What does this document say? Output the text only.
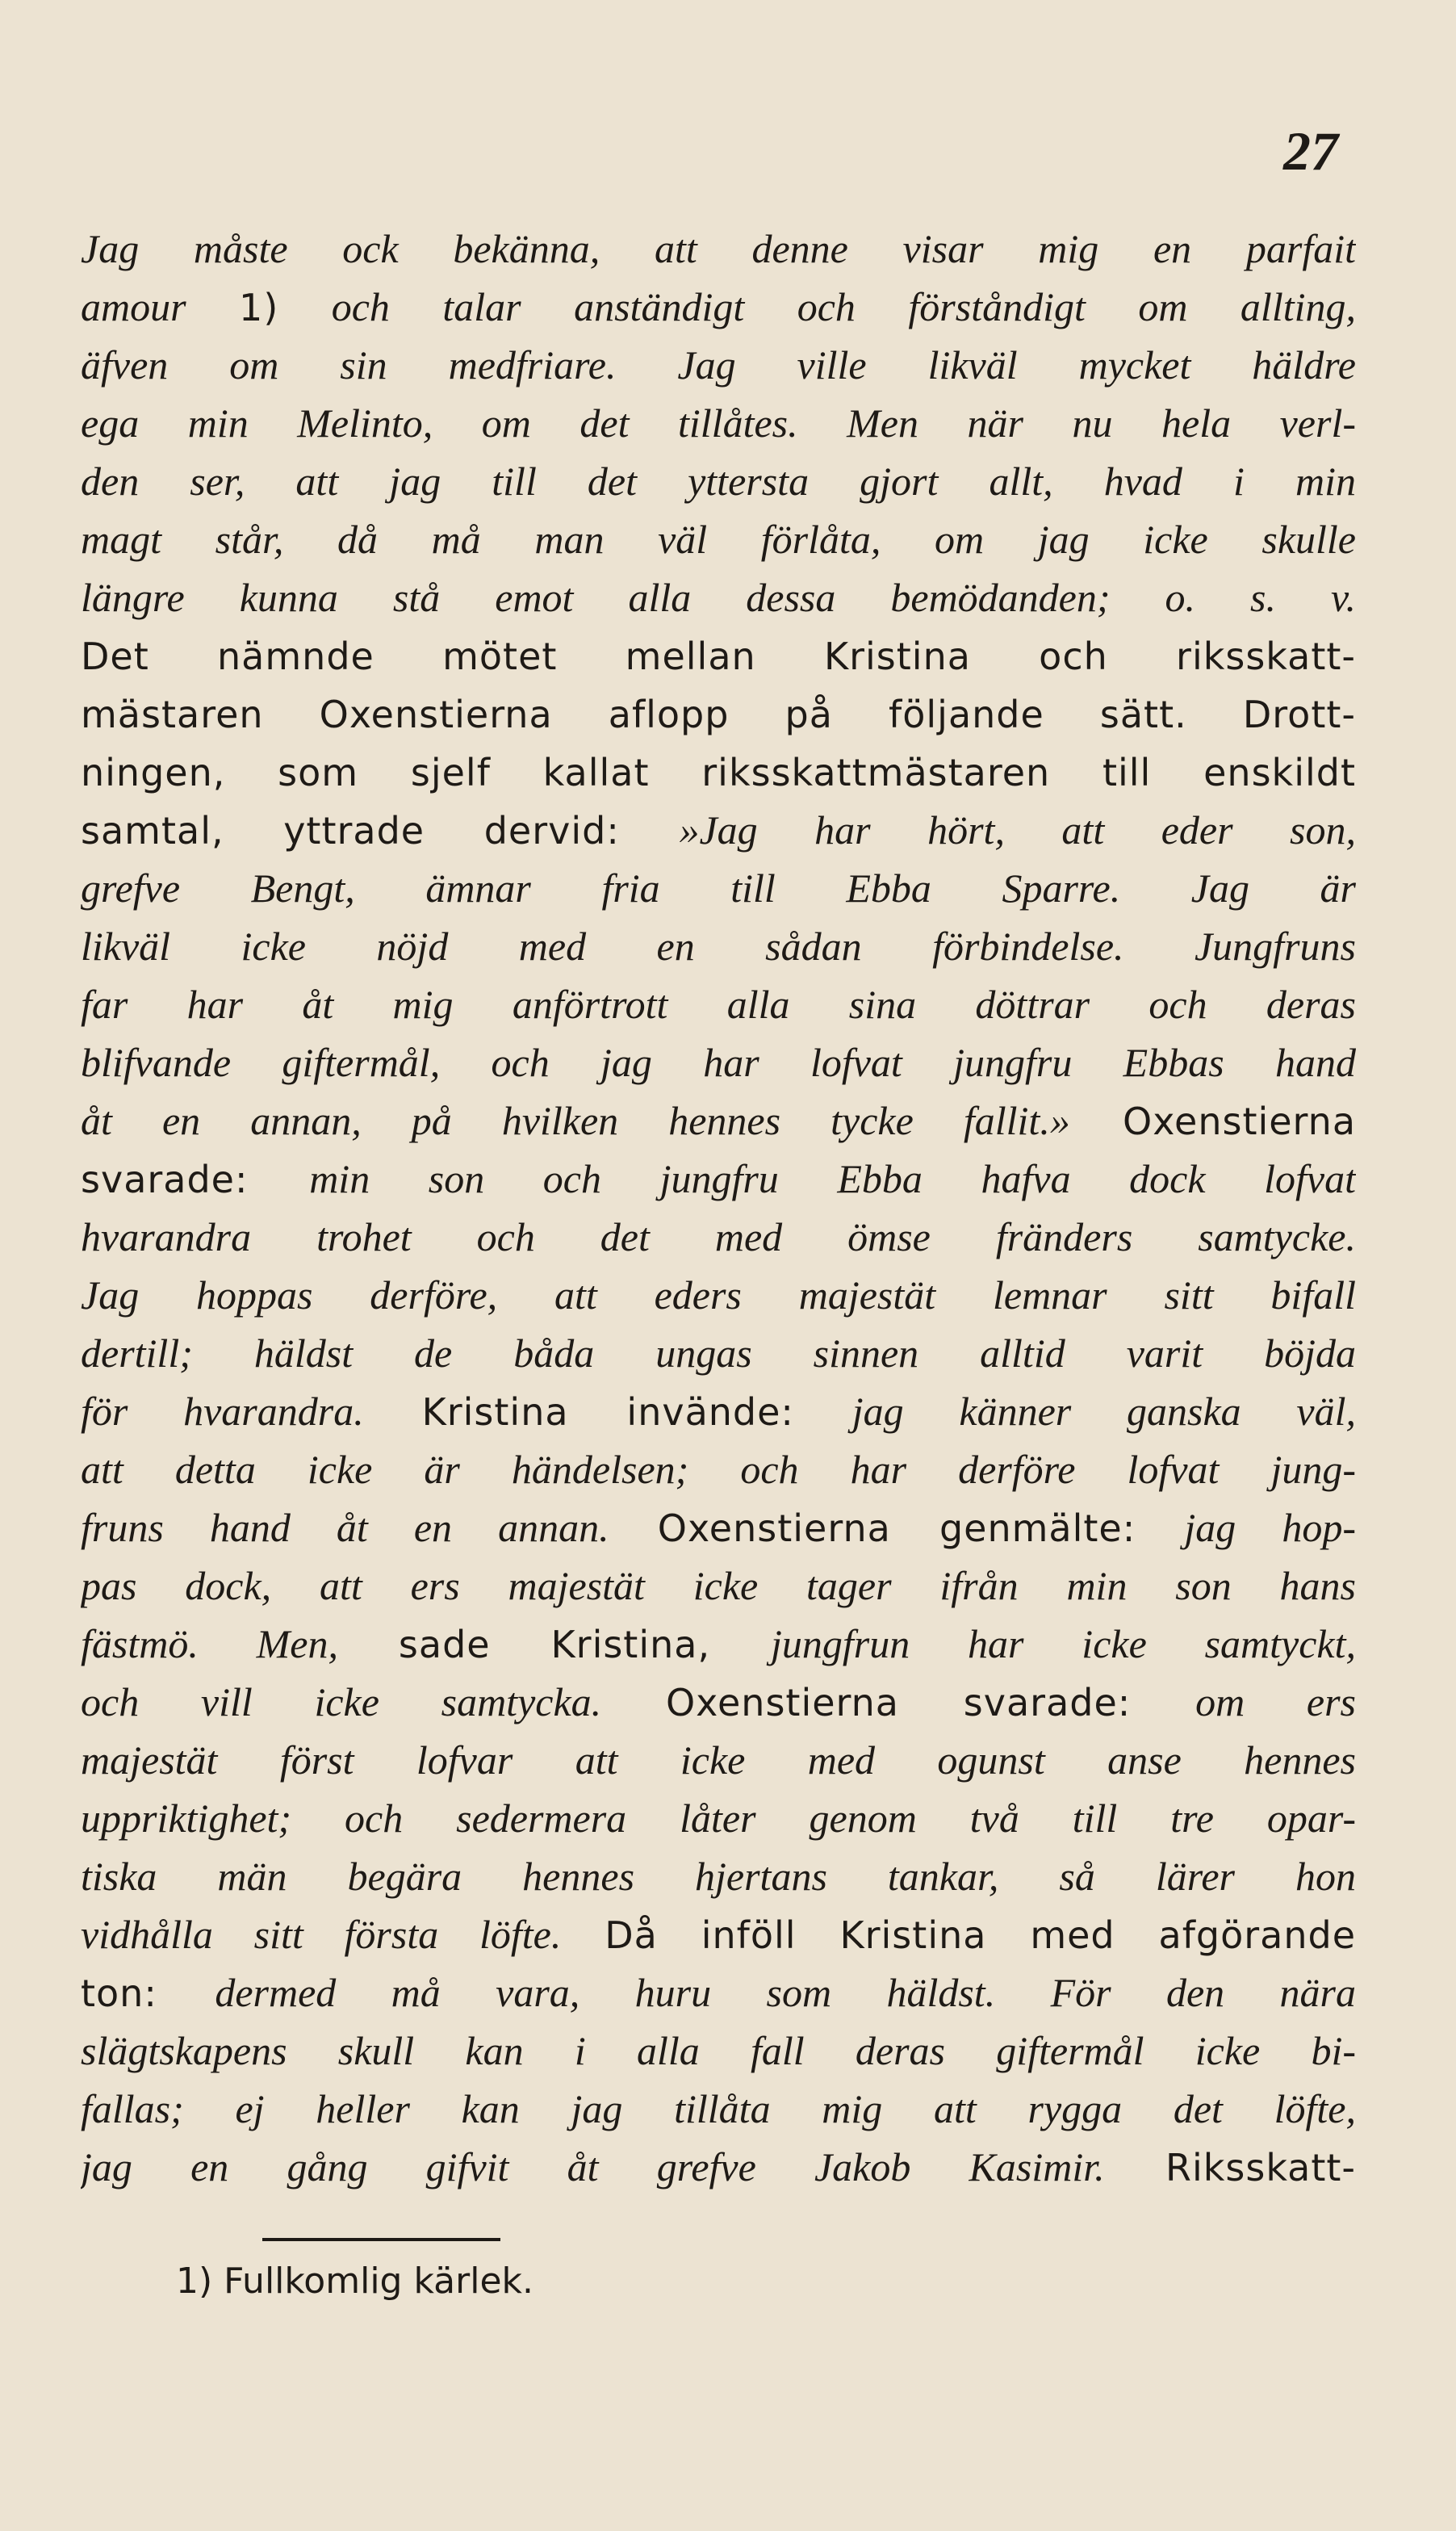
27
Jag måste ock bekänna, att denne visar mig en parfait
amour 1) och talar anständigt och förståndigt om allting,
äfven om sin medfriare. Jag ville likväl mycket häldre
ega min Melinto, om det tillåtes. Men när nu hela verl-
den ser, att jag till det yttersta gjort allt, hvad i min
magt står, då må man väl förlåta, om jag icke skulle
längre kunna stå emot alla dessa bemödanden; o. s. v.
Det nämnde mötet mellan Kristina och riksskatt-
mästaren Oxenstierna aflopp på följande sätt. Drott-
ningen, som sjelf kallat riksskattmästaren till enskildt
samtal, yttrade dervid: »Jag har hört, att eder son,
grefve Bengt, ämnar fria till Ebba Sparre. Jag är
likväl icke nöjd med en sådan förbindelse. Jungfruns
far har åt mig anförtrott alla sina döttrar och deras
blifvande giftermål, och jag har lofvat jungfru Ebbas hand
åt en annan, på hvilken hennes tycke fallit.» Oxenstierna
svarade: min son och jungfru Ebba hafva dock lofvat
hvarandra trohet och det med ömse fränders samtycke.
Jag hoppas derföre, att eders majestät lemnar sitt bifall
dertill; häldst de båda ungas sinnen alltid varit böjda
för hvarandra. Kristina invände: jag känner ganska väl,
att detta icke är händelsen; och har derföre lofvat jung-
fruns hand åt en annan. Oxenstierna genmälte: jag hop-
pas dock, att ers majestät icke tager ifrån min son hans
fästmö. Men, sade Kristina, jungfrun har icke samtyckt,
och vill icke samtycka. Oxenstierna svarade: om ers
majestät först lofvar att icke med ogunst anse hennes
uppriktighet; och sedermera låter genom två till tre opar-
tiska män begära hennes hjertans tankar, så lärer hon
vidhålla sitt första löfte. Då inföll Kristina med afgörande
ton: dermed må vara, huru som häldst. För den nära
slägtskapens skull kan i alla fall deras giftermål icke bi-
fallas; ej heller kan jag tillåta mig att rygga det löfte,
jag en gång gifvit åt grefve Jakob Kasimir. Riksskatt-
1) Fullkomlig kärlek.
